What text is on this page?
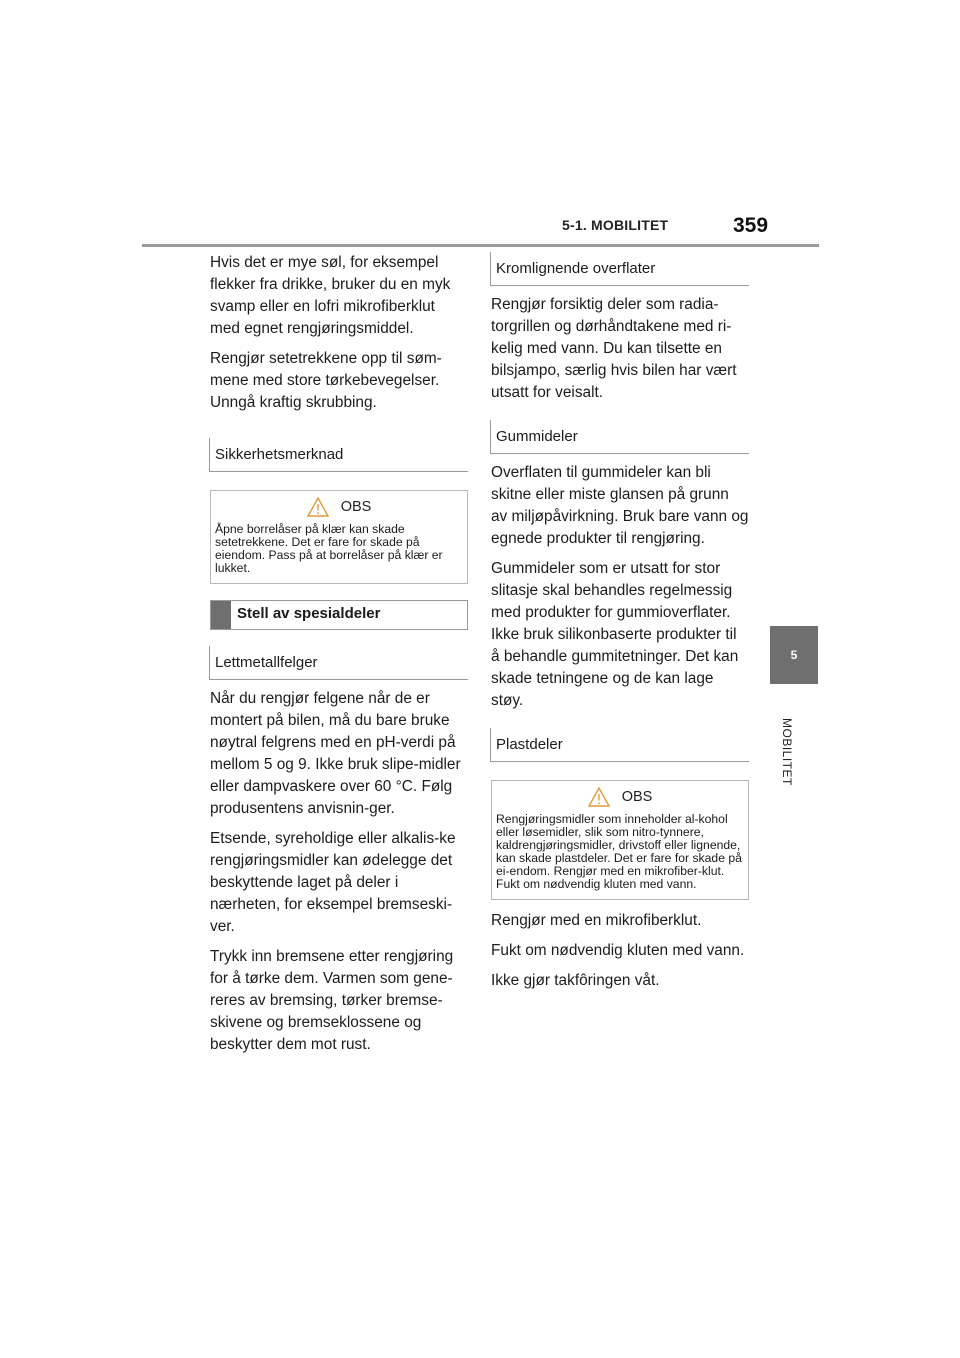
5-1. MOBILITET	359
5
MOBILITET

Hvis det er mye søl, for eksempel flekker fra drikke, bruker du en myk svamp eller en lofri mikrofiberklut med egnet rengjøringsmiddel.

Rengjør setetrekkene opp til søm-mene med store tørkebevegelser. Unngå kraftig skrubbing.

Sikkerhetsmerknad
OBS
Åpne borrelåser på klær kan skade setetrekkene. Det er fare for skade på eiendom. Pass på at borrelåser på klær er lukket.
Stell av spesialdeler
Lettmetallfelger

Når du rengjør felgene når de er montert på bilen, må du bare bruke nøytral felgrens med en pH-verdi på mellom 5 og 9. Ikke bruk slipe-midler eller dampvaskere over 60 °C. Følg produsentens anvisnin-ger.

Etsende, syreholdige eller alkalis-ke rengjøringsmidler kan ødelegge det beskyttende laget på deler i nærheten, for eksempel bremseski-ver.

Trykk inn bremsene etter rengjøring for å tørke dem. Varmen som gene-reres av bremsing, tørker bremse-skivene og bremseklossene og beskytter dem mot rust.

Kromlignende overflater

Rengjør forsiktig deler som radia-torgrillen og dørhåndtakene med ri-kelig med vann. Du kan tilsette en bilsjampo, særlig hvis bilen har vært utsatt for veisalt.

Gummideler

Overflaten til gummideler kan bli skitne eller miste glansen på grunn av miljøpåvirkning. Bruk bare vann og egnede produkter til rengjøring.

Gummideler som er utsatt for stor slitasje skal behandles regelmessig med produkter for gummioverflater. Ikke bruk silikonbaserte produkter til å behandle gummitetninger. Det kan skade tetningene og de kan lage støy.

Plastdeler
OBS
Rengjøringsmidler som inneholder al-kohol eller løsemidler, slik som nitro-tynnere, kaldrengjøringsmidler, drivstoff eller lignende, kan skade plastdeler. Det er fare for skade på ei-endom. Rengjør med en mikrofiber-klut. Fukt om nødvendig kluten med vann.

Rengjør med en mikrofiberklut.

Fukt om nødvendig kluten med vann.

Ikke gjør takfôringen våt.
